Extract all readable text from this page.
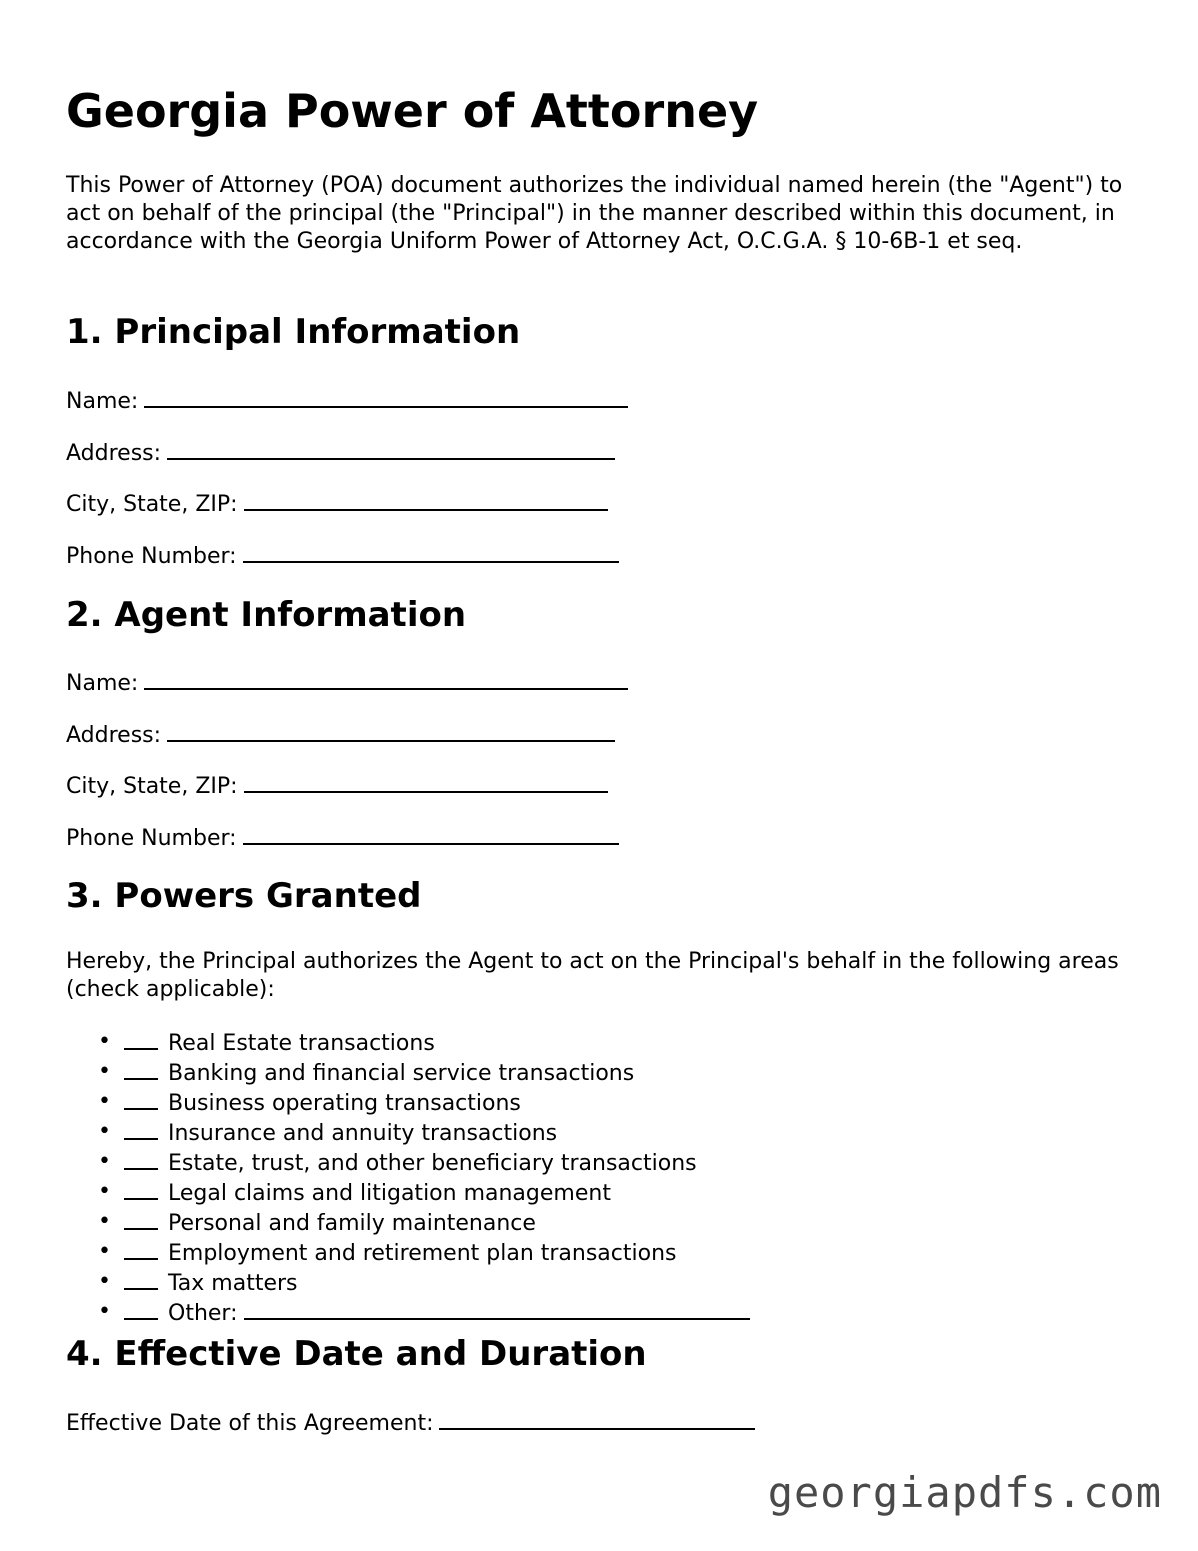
Georgia Power of Attorney

This Power of Attorney (POA) document authorizes the individual named herein (the "Agent") to act on behalf of the principal (the "Principal") in the manner described within this document, in accordance with the Georgia Uniform Power of Attorney Act, O.C.G.A. § 10-6B-1 et seq.

1. Principal Information
Name:
Address:
City, State, ZIP:
Phone Number:
2. Agent Information
Name:
Address:
City, State, ZIP:
Phone Number:
3. Powers Granted

Hereby, the Principal authorizes the Agent to act on the Principal's behalf in the following areas (check applicable):

•	Real Estate transactions
•	Banking and financial service transactions
•	Business operating transactions
•	Insurance and annuity transactions
•	Estate, trust, and other beneficiary transactions
•	Legal claims and litigation management
•	Personal and family maintenance
•	Employment and retirement plan transactions
•	Tax matters
•	Other:
4. Effective Date and Duration
Effective Date of this Agreement:
georgiapdfs.com
